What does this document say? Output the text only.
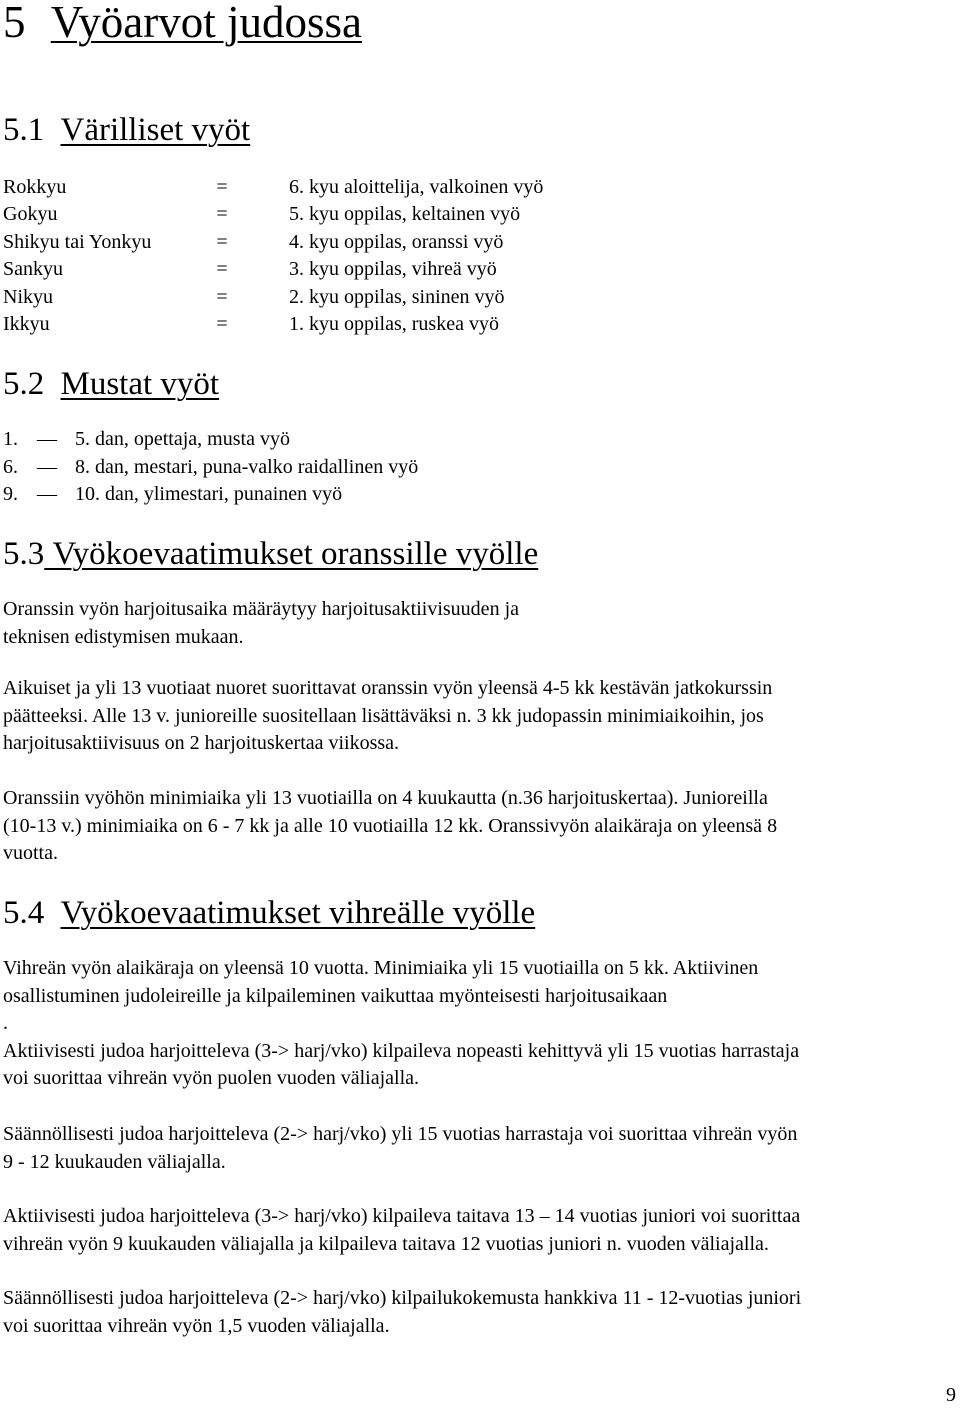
5 Vyöarvot judossa
5.1 Värilliset vyöt
Rokkyu	=	6. kyu aloittelija, valkoinen vyö
Gokyu	=	5. kyu oppilas, keltainen vyö
Shikyu tai Yonkyu	=	4. kyu oppilas, oranssi vyö
Sankyu	=	3. kyu oppilas, vihreä vyö
Nikyu	=	2. kyu oppilas, sininen vyö
Ikkyu	=	1. kyu oppilas, ruskea vyö
5.2 Mustat vyöt
1. — 5. dan, opettaja, musta vyö
6. — 8. dan, mestari, puna-valko raidallinen vyö
9. — 10. dan, ylimestari, punainen vyö
5.3 Vyökoevaatimukset oranssille vyölle
Oranssin vyön harjoitusaika määräytyy harjoitusaktiivisuuden ja
teknisen edistymisen mukaan.
Aikuiset ja yli 13 vuotiaat nuoret suorittavat oranssin vyön yleensä 4-5 kk kestävän jatkokurssin
päätteeksi. Alle 13 v. junioreille suositellaan lisättäväksi n. 3 kk judopassin minimiaikoihin, jos
harjoitusaktiivisuus on 2 harjoituskertaa viikossa.
Oranssiin vyöhön minimiaika yli 13 vuotiailla on 4 kuukautta (n.36 harjoituskertaa). Junioreilla
(10-13 v.) minimiaika on 6 - 7 kk ja alle 10 vuotiailla 12 kk. Oranssivyön alaikäraja on yleensä 8
vuotta.
5.4 Vyökoevaatimukset vihreälle vyölle
Vihreän vyön alaikäraja on yleensä 10 vuotta. Minimiaika yli 15 vuotiailla on 5 kk. Aktiivinen
osallistuminen judoleireille ja kilpaileminen vaikuttaa myönteisesti harjoitusaikaan
.
Aktiivisesti judoa harjoitteleva (3-> harj/vko) kilpaileva nopeasti kehittyvä yli 15 vuotias harrastaja
voi suorittaa vihreän vyön puolen vuoden väliajalla.
Säännöllisesti judoa harjoitteleva (2-> harj/vko) yli 15 vuotias harrastaja voi suorittaa vihreän vyön
9 - 12 kuukauden väliajalla.
Aktiivisesti judoa harjoitteleva (3-> harj/vko) kilpaileva taitava 13 – 14 vuotias juniori voi suorittaa
vihreän vyön 9 kuukauden väliajalla ja kilpaileva taitava 12 vuotias juniori n. vuoden väliajalla.
Säännöllisesti judoa harjoitteleva (2-> harj/vko) kilpailukokemusta hankkiva 11 - 12-vuotias juniori
voi suorittaa vihreän vyön 1,5 vuoden väliajalla.
9
